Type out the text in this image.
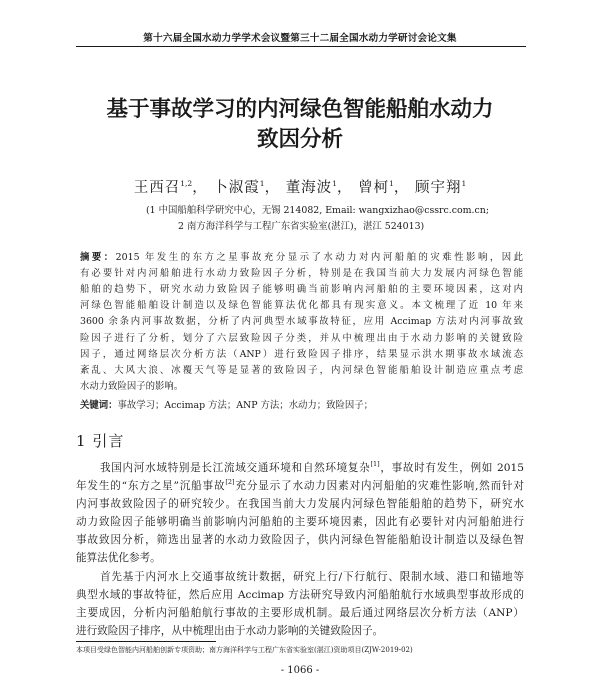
第十六届全国水动力学学术会议暨第三十二届全国水动力学研讨会论文集
基于事故学习的内河绿色智能船舶水动力
致因分析
王西召$^{1,2}$， 卜淑霞$^1$， 董海波$^1$， 曾柯$^1$， 顾宇翔$^1$
(1 中国船舶科学研究中心，无锡 214082, Email: wangxizhao@cssrc.com.cn;
2 南方海洋科学与工程广东省实验室(湛江)，湛江 524013)
摘要：2015 年发生的东方之星事故充分显示了水动力对内河船舶的灾难性影响，因此
有必要针对内河船舶进行水动力致险因子分析，特别是在我国当前大力发展内河绿色智能
船舶的趋势下，研究水动力致险因子能够明确当前影响内河船舶的主要环境因素，这对内
河绿色智能船舶设计制造以及绿色智能算法优化都具有现实意义。本文梳理了近 10 年来
3600 余条内河事故数据，分析了内河典型水域事故特征，应用 Accimap 方法对内河事故致
险因子进行了分析，划分了六层致险因子分类，并从中梳理出由于水动力影响的关键致险
因子，通过网络层次分析方法（ANP）进行致险因子排序，结果显示洪水期事故水域流态
紊乱、大风大浪、冰覆天气等是显著的致险因子，内河绿色智能船舶设计制造应重点考虑
水动力致险因子的影响。
关键词：事故学习；Accimap 方法；ANP 方法；水动力；致险因子；
1 引言
我国内河水域特别是长江流域交通环境和自然环境复杂[1]，事故时有发生，例如 2015
年发生的“东方之星”沉船事故[2]充分显示了水动力因素对内河船舶的灾难性影响,然而针对
内河事故致险因子的研究较少。在我国当前大力发展内河绿色智能船舶的趋势下，研究水
动力致险因子能够明确当前影响内河船舶的主要环境因素，因此有必要针对内河船舶进行
事故致因分析，筛选出显著的水动力致险因子，供内河绿色智能船舶设计制造以及绿色智
能算法优化参考。
首先基于内河水上交通事故统计数据，研究上行/下行航行、限制水域、港口和锚地等
典型水域的事故特征，然后应用 Accimap 方法研究导致内河船舶航行水域典型事故形成的
主要成因，分析内河船舶航行事故的主要形成机制。最后通过网络层次分析方法（ANP）
进行致险因子排序，从中梳理出由于水动力影响的关键致险因子。
本项目受绿色智能内河船舶创新专项资助；南方海洋科学与工程广东省实验室(湛江)资助项目(ZJW-2019-02)
- 1066 -
